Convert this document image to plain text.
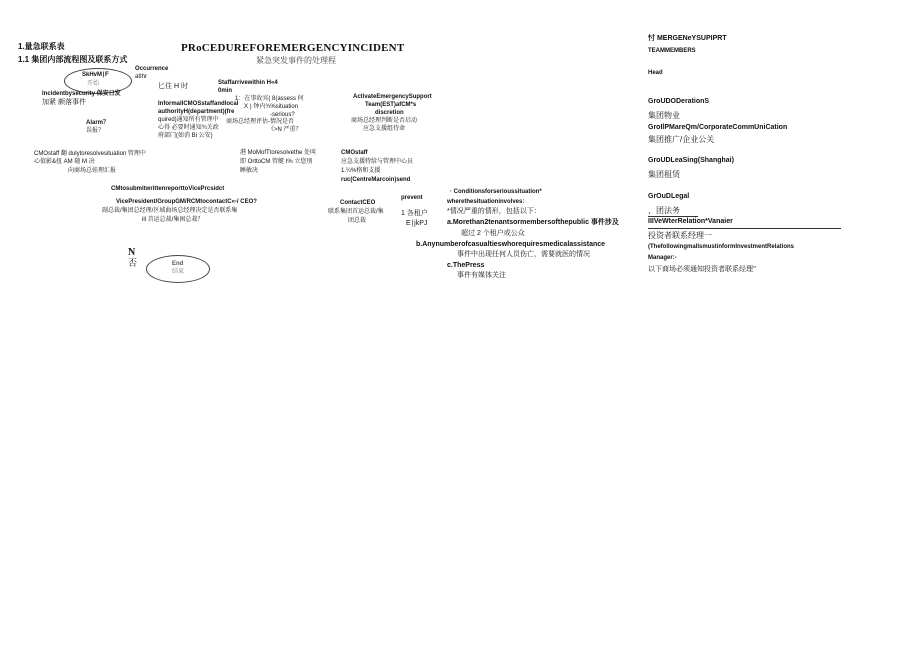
1.量急联系表
1.1 集团内部流程图及联系方式
PRoCEDUREFOREMERGENCYINCIDENT
紧急突发事件的处理程
SkHvM∣F
开始
Incidentbysecurity 保安日发
加紧 颇落事件
Occurrence
atIhr
匕住 H 时	Staffarrivewithin H«4
0min
1：在事故宾( 8(assess 何
X ) 钟内¾%situation
-serious?
商场总经理评估-情况是否
《>N 严重？
InformalICMOSstaffandlocal
authorityH(department)(fre
quired)通知所有管理中
心得 必要时通知¾关政
府部门(如消 Bi 公安)
ActivateEmergencySupport
Team(EST)afCM*s
discretion
商场总经理判断是否启动
应急支援组待命
Alarm？
误报？
CMOstaff 翻 dulytoresolvesituation 管理中
心值影&扭 AM 随 M 决
向商场总娃理汇报
港 MoMofTtoresolvethe 处叫
即 OrttoCM 管艇 I% 立您刖
睡敏决
CMOstaff
应急支援特给与管理中心员
1.¼%格和支援
ruc(CentreMarcoin)send
CMtosubmitwrittenreporttoVicePrcsidct
VicePresident/GroupGM/RCMtocontactC«-/ CEO?
副总裁/集团总经理/区域曲场总经理决定是否联系集
ill 首运总裁/集困总栽？
ContactCEO
联系集团首运总裁/集
团总裁
prevent
1 各租户
E∣jkPJ
N
否	End
结束
· Conditionsforserioussituation*
wherethesituationinvolves:
*情况严重的情形，包括以下：
a.Morethan2tenantsormembersofthepublic 事件涉及
超过 2 个租户或公众
b.Anynumberofcasualtieswhorequiresmedicalassistance
事件中出现任何人员伤亡，需要就医的情况
c.ThePress
事件有媒体关注
忖 MERGENeYSUPIPRT
TEAMMEMBERS
Head
GroUDODerationS
集团物业
GroIlPMareQm/CorporateCommUniCation
集团推广/企业公关
GroUDLeaSing(Shanghai)
集团租赁
GrOuDLegal
，团法务
IIIVeWterRelation*Vanaier
投资者联系经理一
(ThefollowingmallsmustinformInvestmentRelations
Manager:-
以下商场必须通知投资者联系经理”
